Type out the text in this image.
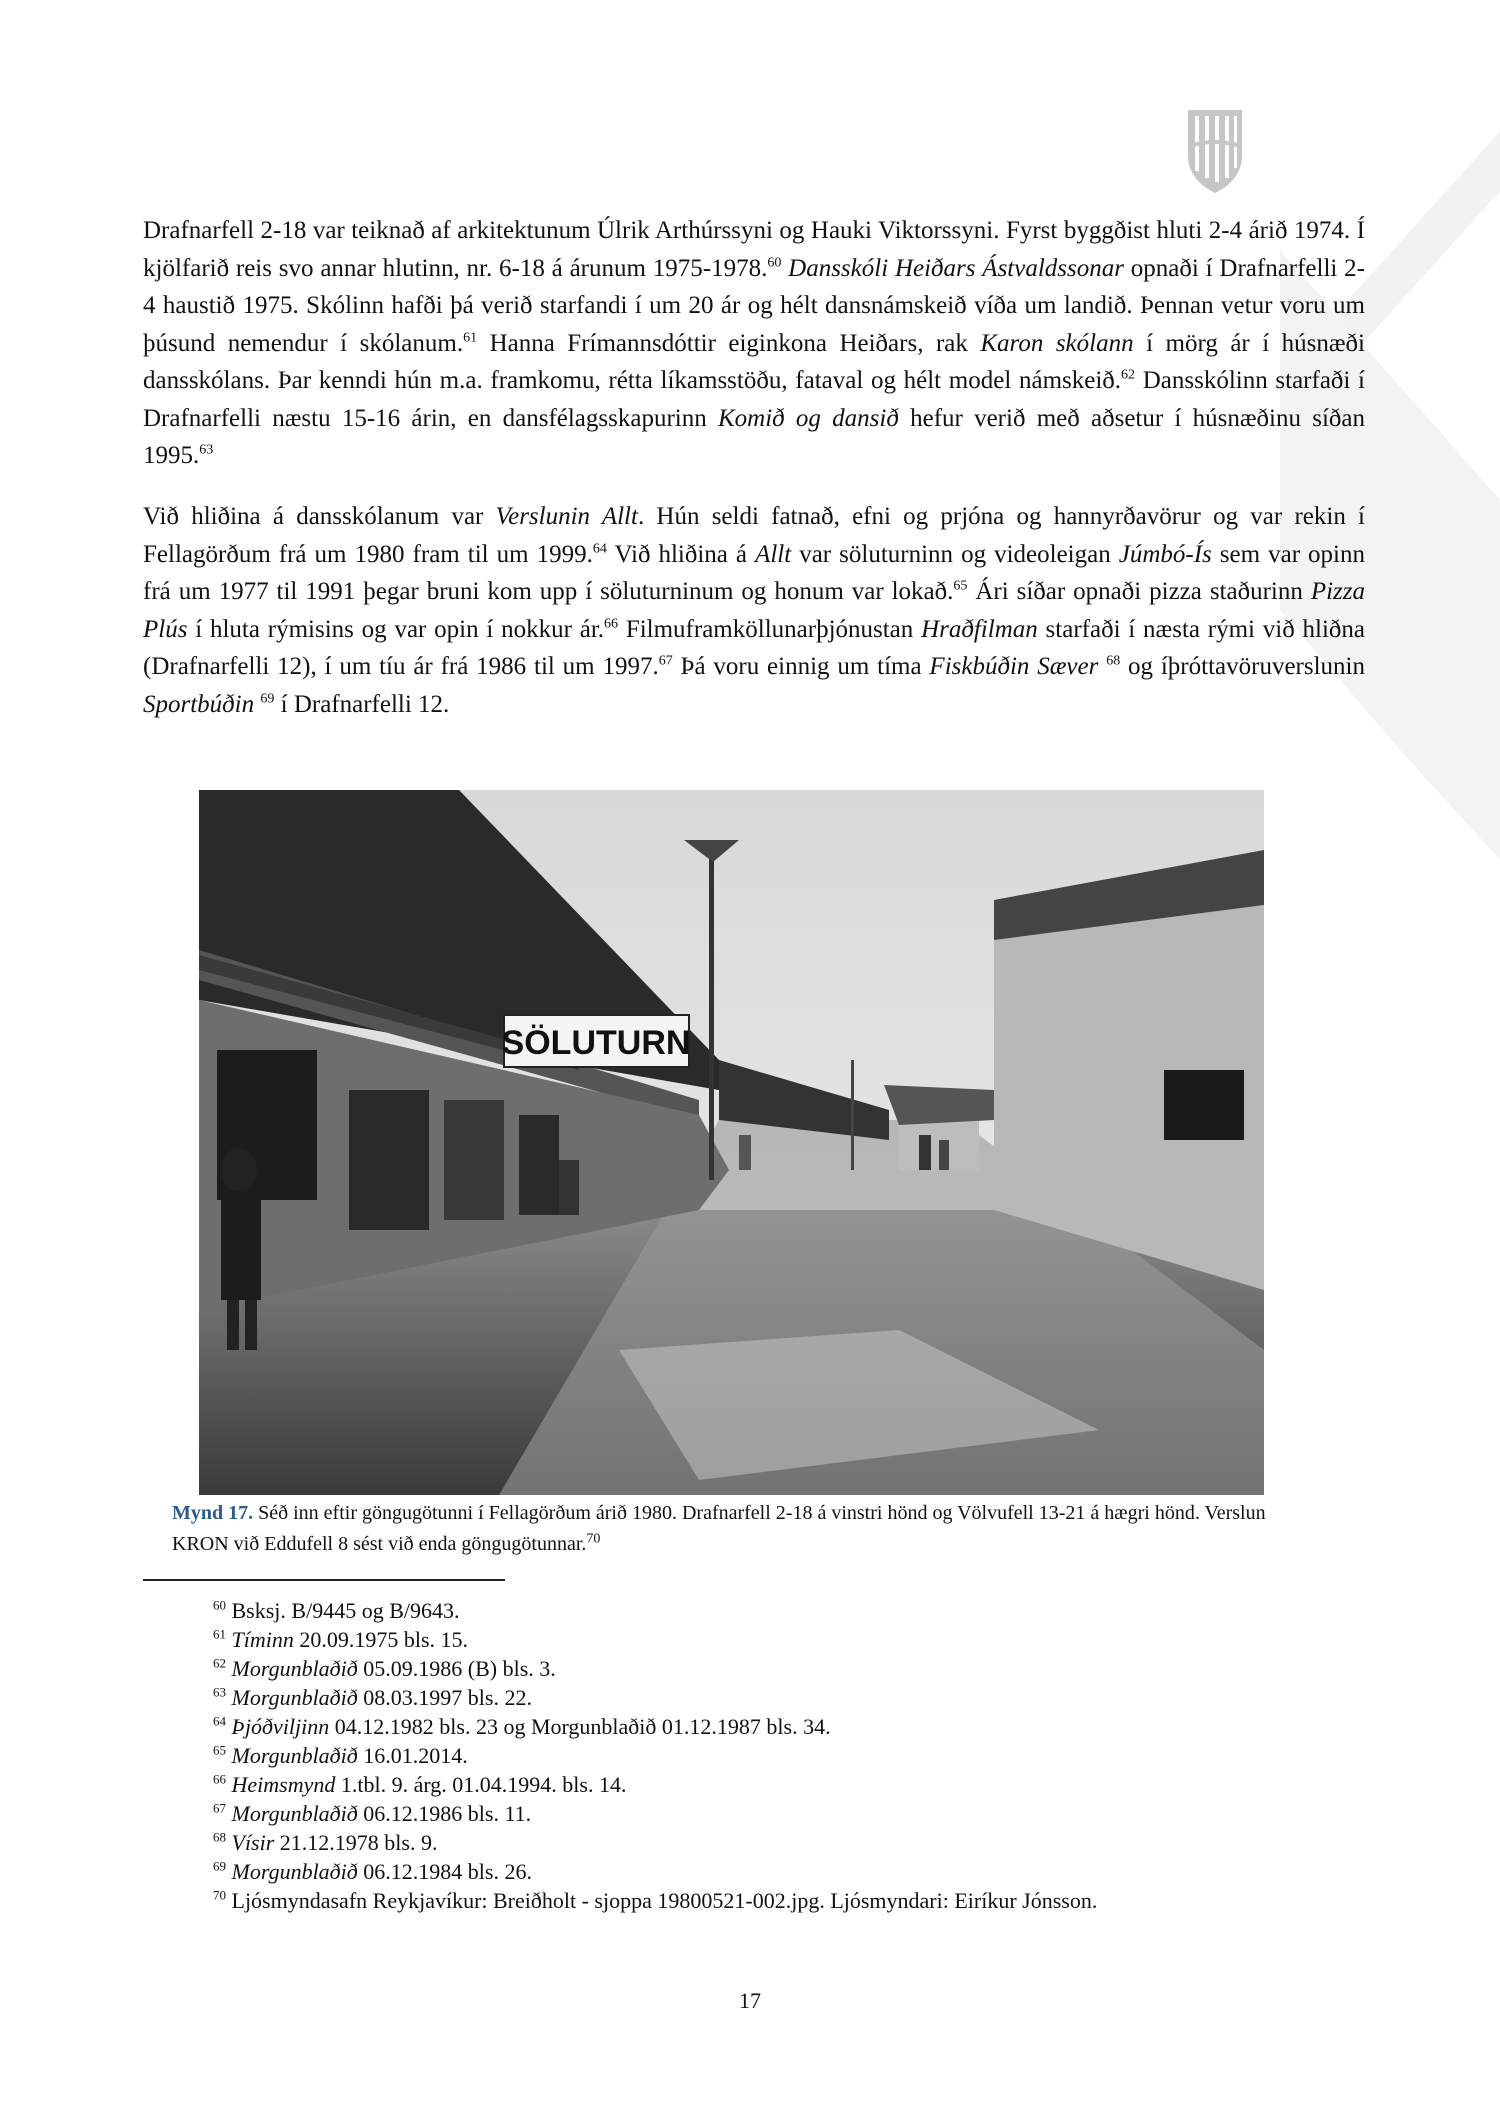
Drafnarfell 2-18 var teiknað af arkitektunum Úlrik Arthúrssyni og Hauki Viktorssyni. Fyrst byggðist hluti 2-4 árið 1974. Í kjölfarið reis svo annar hlutinn, nr. 6-18 á árunum 1975-1978.60 Dansskóli Heiðars Ástvaldssonar opnaði í Drafnarfelli 2-4 haustið 1975. Skólinn hafði þá verið starfandi í um 20 ár og hélt dansnámskeið víða um landið. Þennan vetur voru um þúsund nemendur í skólanum.$^{61}$ Hanna Frímannsdóttir eiginkona Heiðars, rak Karon skólann í mörg ár í húsnæði dansskólans. Þar kenndi hún m.a. framkomu, rétta líkamsstöðu, fataval og hélt model námskeið.$^{62}$ Dansskólinn starfaði í Drafnarfelli næstu 15-16 árin, en dansfélagsskapurinn Komið og dansið hefur verið með aðsetur í húsnæðinu síðan 1995.63

Við hliðina á dansskólanum var Verslunin Allt. Hún seldi fatnað, efni og prjóna og hannyrðavörur og var rekin í Fellagörðum frá um 1980 fram til um 1999.64 Við hliðina á Allt var söluturninn og videoleigan Júmbó-Ís sem var opinn frá um 1977 til 1991 þegar bruni kom upp í söluturninum og honum var lokað.$^{65}$ Ári síðar opnaði pizza staðurinn Pizza Plús í hluta rýmisins og var opin í nokkur ár.$^{66}$ Filmuframköllunarþjónustan Hraðfilman starfaði í næsta rými við hliðna (Drafnarfelli 12), í um tíu ár frá 1986 til um 1997.67 Þá voru einnig um tíma Fiskbúðin Sæver $^{68}$ og íþróttavöruverslunin Sportbúðin $^{69}$ í Drafnarfelli 12.

SÖLUTURN

Mynd 17. Séð inn eftir göngugötunni í Fellagörðum árið 1980. Drafnarfell 2-18 á vinstri hönd og Völvufell 13-21 á hægri hönd. Verslun KRON við Eddufell 8 sést við enda göngugötunnar.$^{70}$

$^{60}$ Bsksj. B/9445 og B/9643.
$^{61}$ Tíminn 20.09.1975 bls. 15.
$^{62}$ Morgunblaðið 05.09.1986 (B) bls. 3.
$^{63}$ Morgunblaðið 08.03.1997 bls. 22.
$^{64}$ Þjóðviljinn 04.12.1982 bls. 23 og Morgunblaðið 01.12.1987 bls. 34.
$^{65}$ Morgunblaðið 16.01.2014.
$^{66}$ Heimsmynd 1.tbl. 9. árg. 01.04.1994. bls. 14.
$^{67}$ Morgunblaðið 06.12.1986 bls. 11.
$^{68}$ Vísir 21.12.1978 bls. 9.
$^{69}$ Morgunblaðið 06.12.1984 bls. 26.
$^{70}$ Ljósmyndasafn Reykjavíkur: Breiðholt - sjoppa 19800521-002.jpg. Ljósmyndari: Eiríkur Jónsson.
17
